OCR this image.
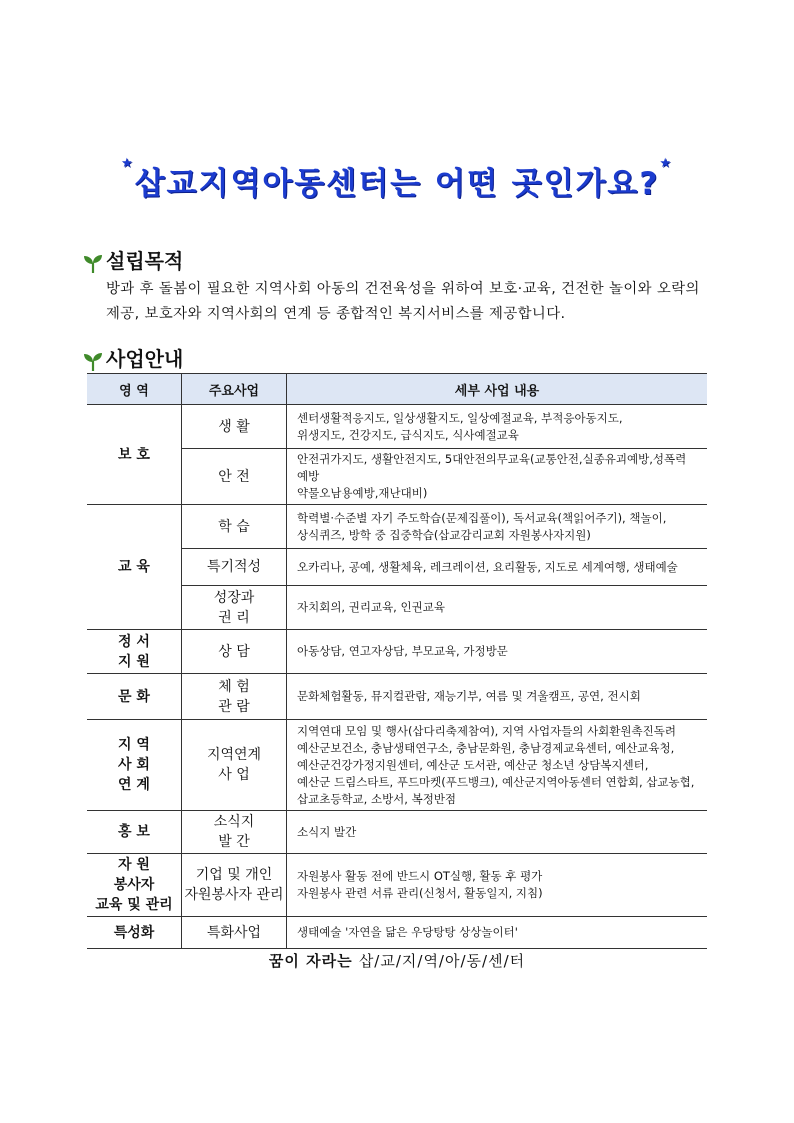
★삽교지역아동센터는 어떤 곳인가요?★
설립목적
방과 후 돌봄이 필요한 지역사회 아동의 건전육성을 위하여 보호·교육, 건전한 놀이와 오락의 제공, 보호자와 지역사회의 연계 등 종합적인 복지서비스를 제공합니다.
사업안내
영 역	주요사업	세부 사업 내용

보 호	생 활	센터생활적응지도, 일상생활지도, 일상예절교육, 부적응아동지도,
위생지도, 건강지도, 급식지도, 식사예절교육

	안 전	안전귀가지도, 생활안전지도, 5대안전의무교육(교통안전,실종유괴예방,성폭력예방
약물오남용예방,재난대비)

교 육	학 습	학력별·수준별 자기 주도학습(문제집풀이), 독서교육(책읽어주기), 책놀이,
상식퀴즈, 방학 중 집중학습(삽교감리교회 자원봉사자지원)

	특기적성	오카리나, 공예, 생활체육, 레크레이션, 요리활동, 지도로 세계여행, 생태예술

	성장과
권 리	자치회의, 권리교육, 인권교육

정 서
지 원	상 담	아동상담, 연고자상담, 부모교육, 가정방문

문 화	체 험
관 람	문화체험활동, 뮤지컬관람, 재능기부, 여름 및 겨울캠프, 공연, 전시회

지 역
사 회
연 계	지역연계
사 업	지역연대 모임 및 행사(삽다리축제참여), 지역 사업자들의 사회환원촉진독려
예산군보건소, 충남생태연구소, 충남문화원, 충남경제교육센터, 예산교육청,
예산군건강가정지원센터, 예산군 도서관, 예산군 청소년 상담복지센터,
예산군 드림스타트, 푸드마켓(푸드뱅크), 예산군지역아동센터 연합회, 삽교농협,
삽교초등학교, 소방서, 복정반점

홍 보	소식지
발 간	소식지 발간

자 원
봉사자
교육 및 관리	기업 및 개인
자원봉사자 관리	자원봉사 활동 전에 반드시 OT실행, 활동 후 평가
자원봉사 관련 서류 관리(신청서, 활동일지, 지침)

특성화	특화사업	생태예술 '자연을 닮은 우당탕탕 상상놀이터'
꿈이 자라는 삽/교/지/역/아/동/센/터
